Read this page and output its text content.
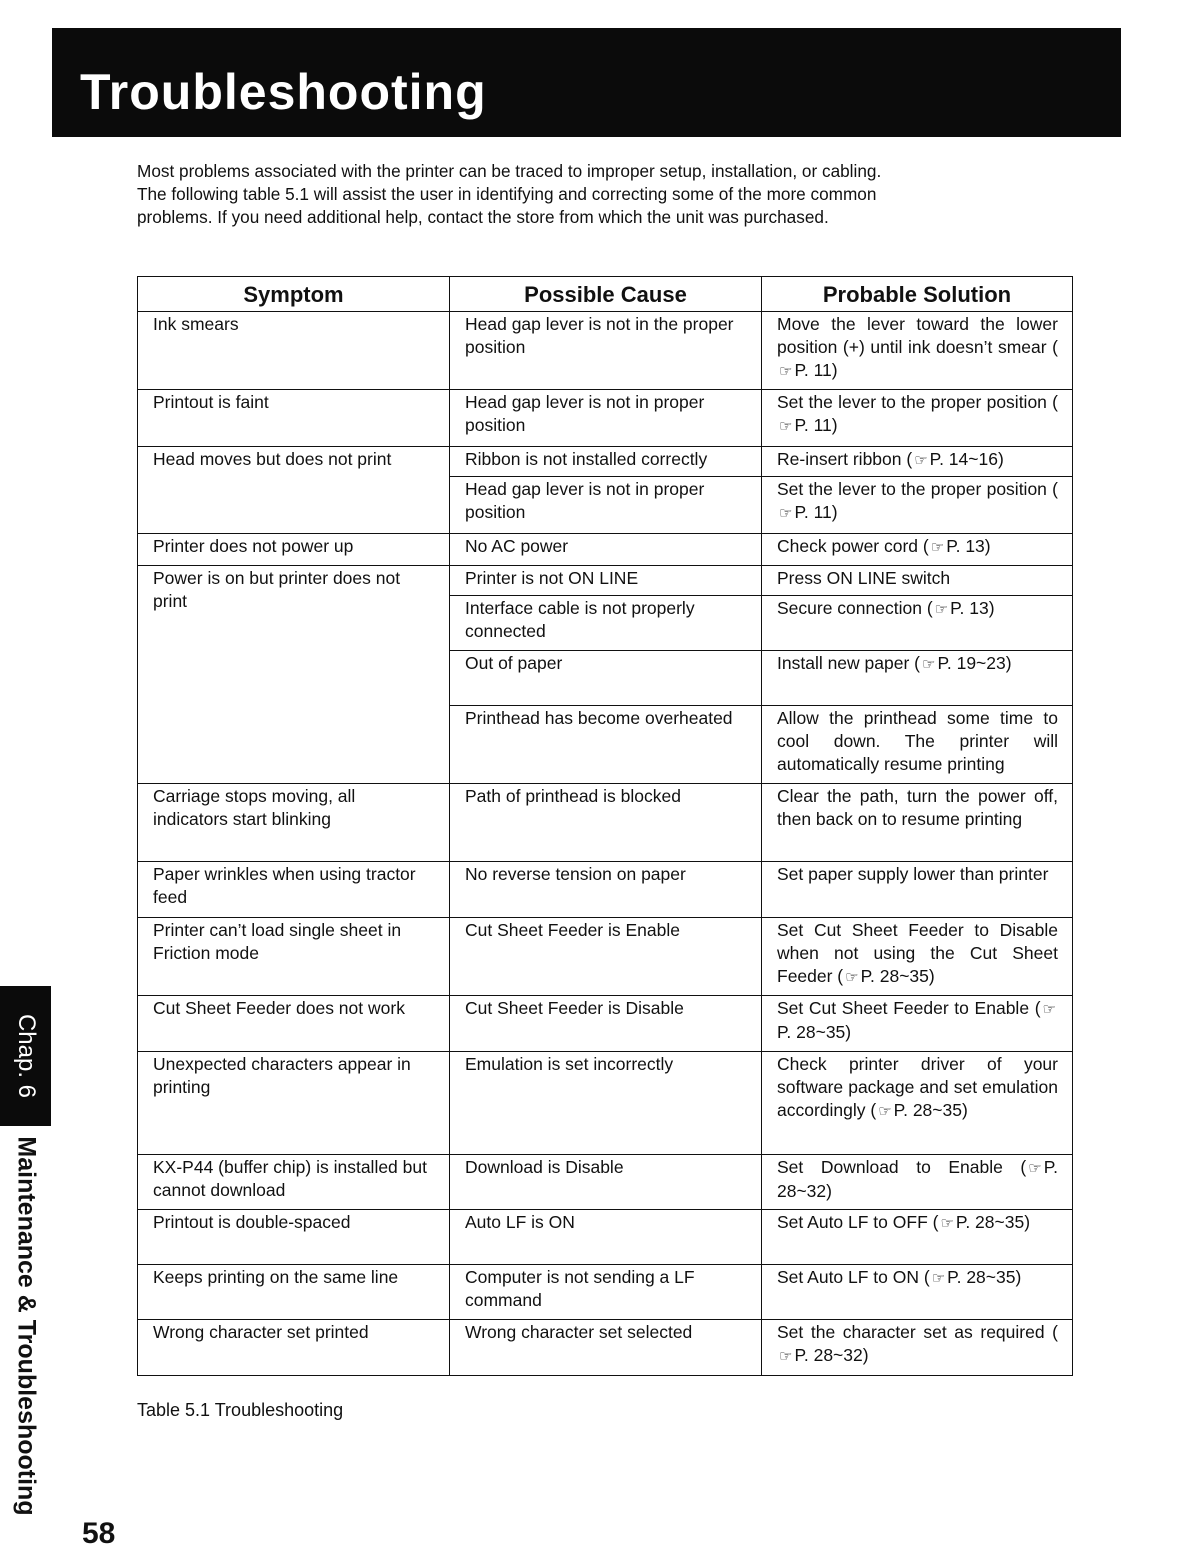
Troubleshooting

Most problems associated with the printer can be traced to improper setup, installation, or cabling.

The following table 5.1 will assist the user in identifying and correcting some of the more common

problems. If you need additional help, contact the store from which the unit was purchased.

Symptom	Possible Cause	Probable Solution
Ink smears	Head gap lever is not in the proper position	Move the lever toward the lower position (+) until ink doesn’t smear (☞ P. 11)
Printout is faint	Head gap lever is not in proper position	Set the lever to the proper position (☞ P. 11)
Head moves but does not print	Ribbon is not installed correctly	Re-insert ribbon ( ☞ P. 14~16)
	Head gap lever is not in proper position	Set the lever to the proper position (☞ P. 11)
Printer does not power up	No AC power	Check power cord ( ☞ P. 13)
Power is on but printer does not print	Printer is not ON LINE	Press ON LINE switch
	Interface cable is not properly connected	Secure connection ( ☞ P. 13)
	Out of paper	Install new paper ( ☞ P. 19~23)
	Printhead has become overheated	Allow the printhead some time to cool down. The printer will automatically resume printing
Carriage stops moving, all indicators start blinking	Path of printhead is blocked	Clear the path, turn the power off, then back on to resume printing
Paper wrinkles when using tractor feed	No reverse tension on paper	Set paper supply lower than printer
Printer can’t load single sheet in Friction mode	Cut Sheet Feeder is Enable	Set Cut Sheet Feeder to Disable when not using the Cut Sheet Feeder ( ☞ P. 28~35)
Cut Sheet Feeder does not work	Cut Sheet Feeder is Disable	Set Cut Sheet Feeder to Enable ( ☞P. 28~35)
Unexpected characters appear in printing	Emulation is set incorrectly	Check printer driver of your software package and set emulation accordingly ( ☞ P. 28~35)
KX-P44 (buffer chip) is installed but cannot download	Download is Disable	Set Download to Enable ( ☞ P. 28~32)
Printout is double-spaced	Auto LF is ON	Set Auto LF to OFF ( ☞ P. 28~35)
Keeps printing on the same line	Computer is not sending a LF command	Set Auto LF to ON ( ☞ P. 28~35)
Wrong character set printed	Wrong character set selected	Set the character set as required (☞ P. 28~32)
Table 5.1 Troubleshooting
Chap. 6
Maintenance & Troubleshooting
58
